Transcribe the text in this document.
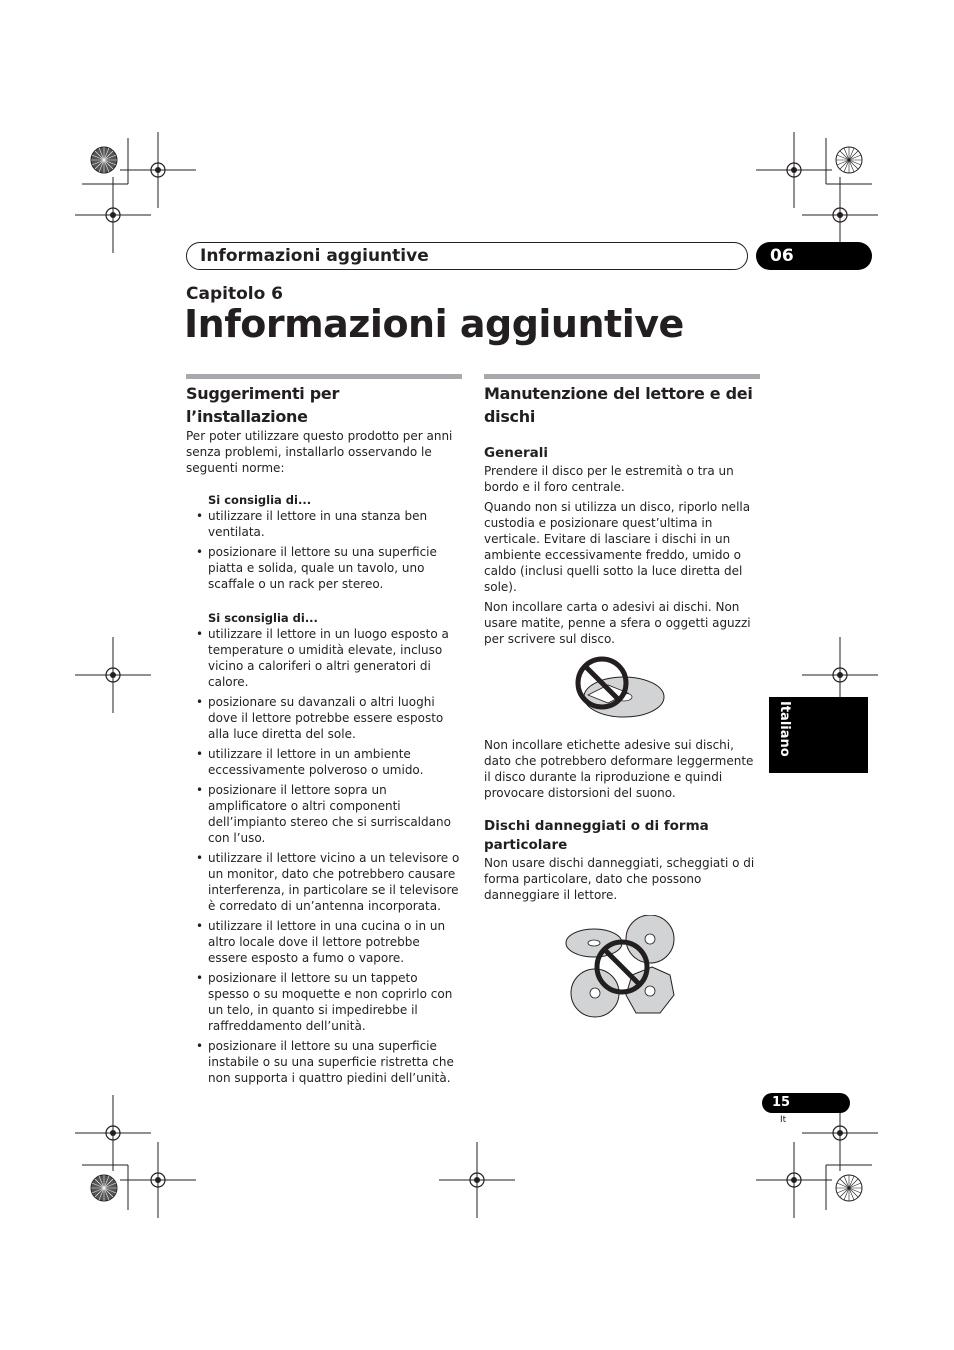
Informazioni aggiuntive	06
Capitolo 6
Informazioni aggiuntive
Suggerimenti per l’installazione

Per poter utilizzare questo prodotto per anni senza problemi, installarlo osservando le seguenti norme:

Si consiglia di...
• utilizzare il lettore in una stanza ben ventilata.
• posizionare il lettore su una superficie piatta e solida, quale un tavolo, uno scaffale o un rack per stereo.
Si sconsiglia di...
• utilizzare il lettore in un luogo esposto a temperature o umidità elevate, incluso vicino a caloriferi o altri generatori di calore.
• posizionare su davanzali o altri luoghi dove il lettore potrebbe essere esposto alla luce diretta del sole.
• utilizzare il lettore in un ambiente eccessivamente polveroso o umido.
• posizionare il lettore sopra un amplificatore o altri componenti dell’impianto stereo che si surriscaldano con l’uso.
• utilizzare il lettore vicino a un televisore o un monitor, dato che potrebbero causare interferenza, in particolare se il televisore è corredato di un’antenna incorporata.
• utilizzare il lettore in una cucina o in un altro locale dove il lettore potrebbe essere esposto a fumo o vapore.
• posizionare il lettore su un tappeto spesso o su moquette e non coprirlo con un telo, in quanto si impedirebbe il raffreddamento dell’unità.
• posizionare il lettore su una superficie instabile o su una superficie ristretta che non supporta i quattro piedini dell’unità.
Manutenzione del lettore e dei dischi
Generali

Prendere il disco per le estremità o tra un bordo e il foro centrale.

Quando non si utilizza un disco, riporlo nella custodia e posizionare quest’ultima in verticale. Evitare di lasciare i dischi in un ambiente eccessivamente freddo, umido o caldo (inclusi quelli sotto la luce diretta del sole).

Non incollare carta o adesivi ai dischi. Non usare matite, penne a sfera o oggetti aguzzi per scrivere sul disco.

Non incollare etichette adesive sui dischi, dato che potrebbero deformare leggermente il disco durante la riproduzione e quindi provocare distorsioni del suono.

Dischi danneggiati o di forma particolare

Non usare dischi danneggiati, scheggiati o di forma particolare, dato che possono danneggiare il lettore.

Italiano
15
It
